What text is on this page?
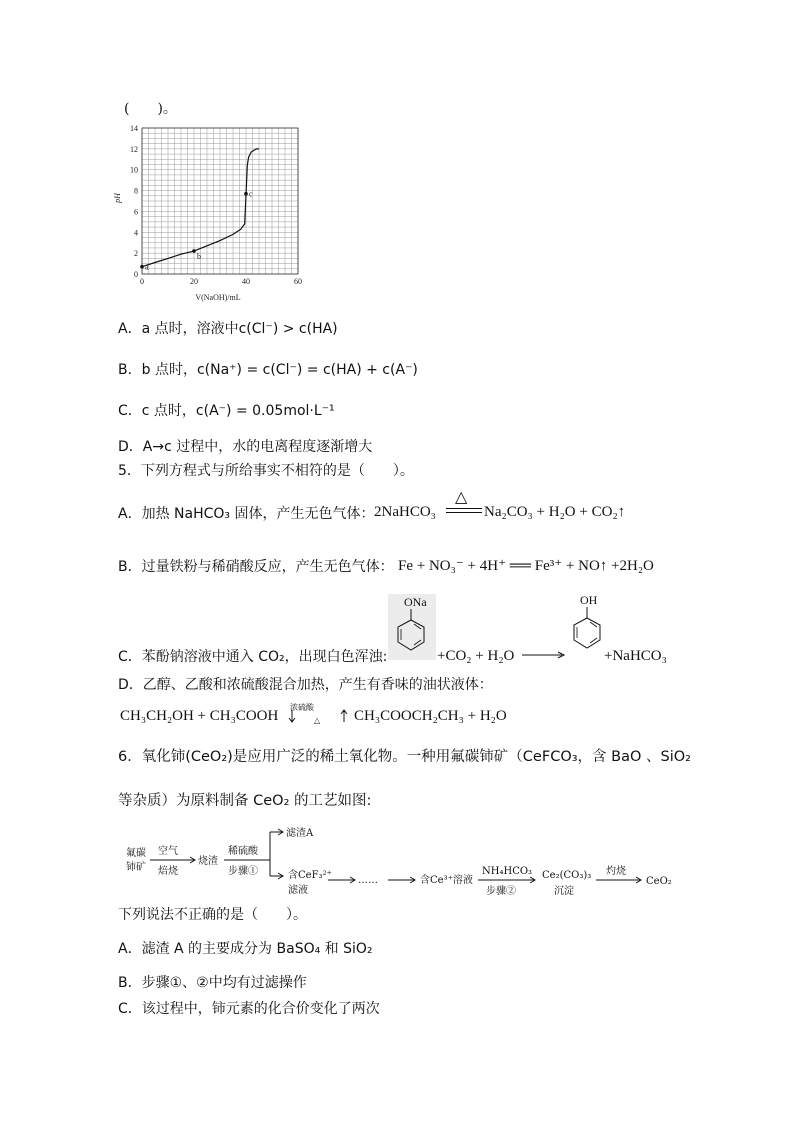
(　　)。
0
2
4
6
8
10
12
14
0	20	40	60
a
b
c
pH
V(NaOH)/mL
A．a 点时，溶液中c(Cl⁻) > c(HA)
B．b 点时，c(Na⁺) = c(Cl⁻) = c(HA) + c(A⁻)
C．c 点时，c(A⁻) = 0.05mol·L⁻¹
D．A→c 过程中，水的电离程度逐渐增大
5．下列方程式与所给事实不相符的是（　　）。
A．加热 NaHCO₃ 固体，产生无色气体： 2NaHCO₃
△
Na₂CO₃ + H₂O + CO₂↑
B．过量铁粉与稀硝酸反应，产生无色气体： Fe + NO₃⁻ + 4H⁺ ══ Fe³⁺ + NO↑ +2H₂O
C．苯酚钠溶液中通入 CO₂，出现白色浑浊:
ONa
+CO₂ + H₂O
OH
+NaHCO₃
D．乙醇、乙酸和浓硫酸混合加热，产生有香味的油状液体：
CH₃CH₂OH + CH₃COOH
浓硫酸
△ CH₃COOCH₂CH₃ + H₂O
6．氧化铈(CeO₂)是应用广泛的稀土氧化物。一种用氟碳铈矿（CeFCO₃，含 BaO 、SiO₂
等杂质）为原料制备 CeO₂ 的工艺如图:
氟碳
铈矿
空气
焙烧
烧渣
稀硫酸
步骤①
滤渣A
含CeF₃²⁺
滤液
……	含Ce³⁺溶液
NH₄HCO₃
步骤②
Ce₂(CO₃)₃
沉淀
灼烧
CeO₂
下列说法不正确的是（　　）。
A．滤渣 A 的主要成分为 BaSO₄ 和 SiO₂
B．步骤①、②中均有过滤操作
C．该过程中，铈元素的化合价变化了两次
